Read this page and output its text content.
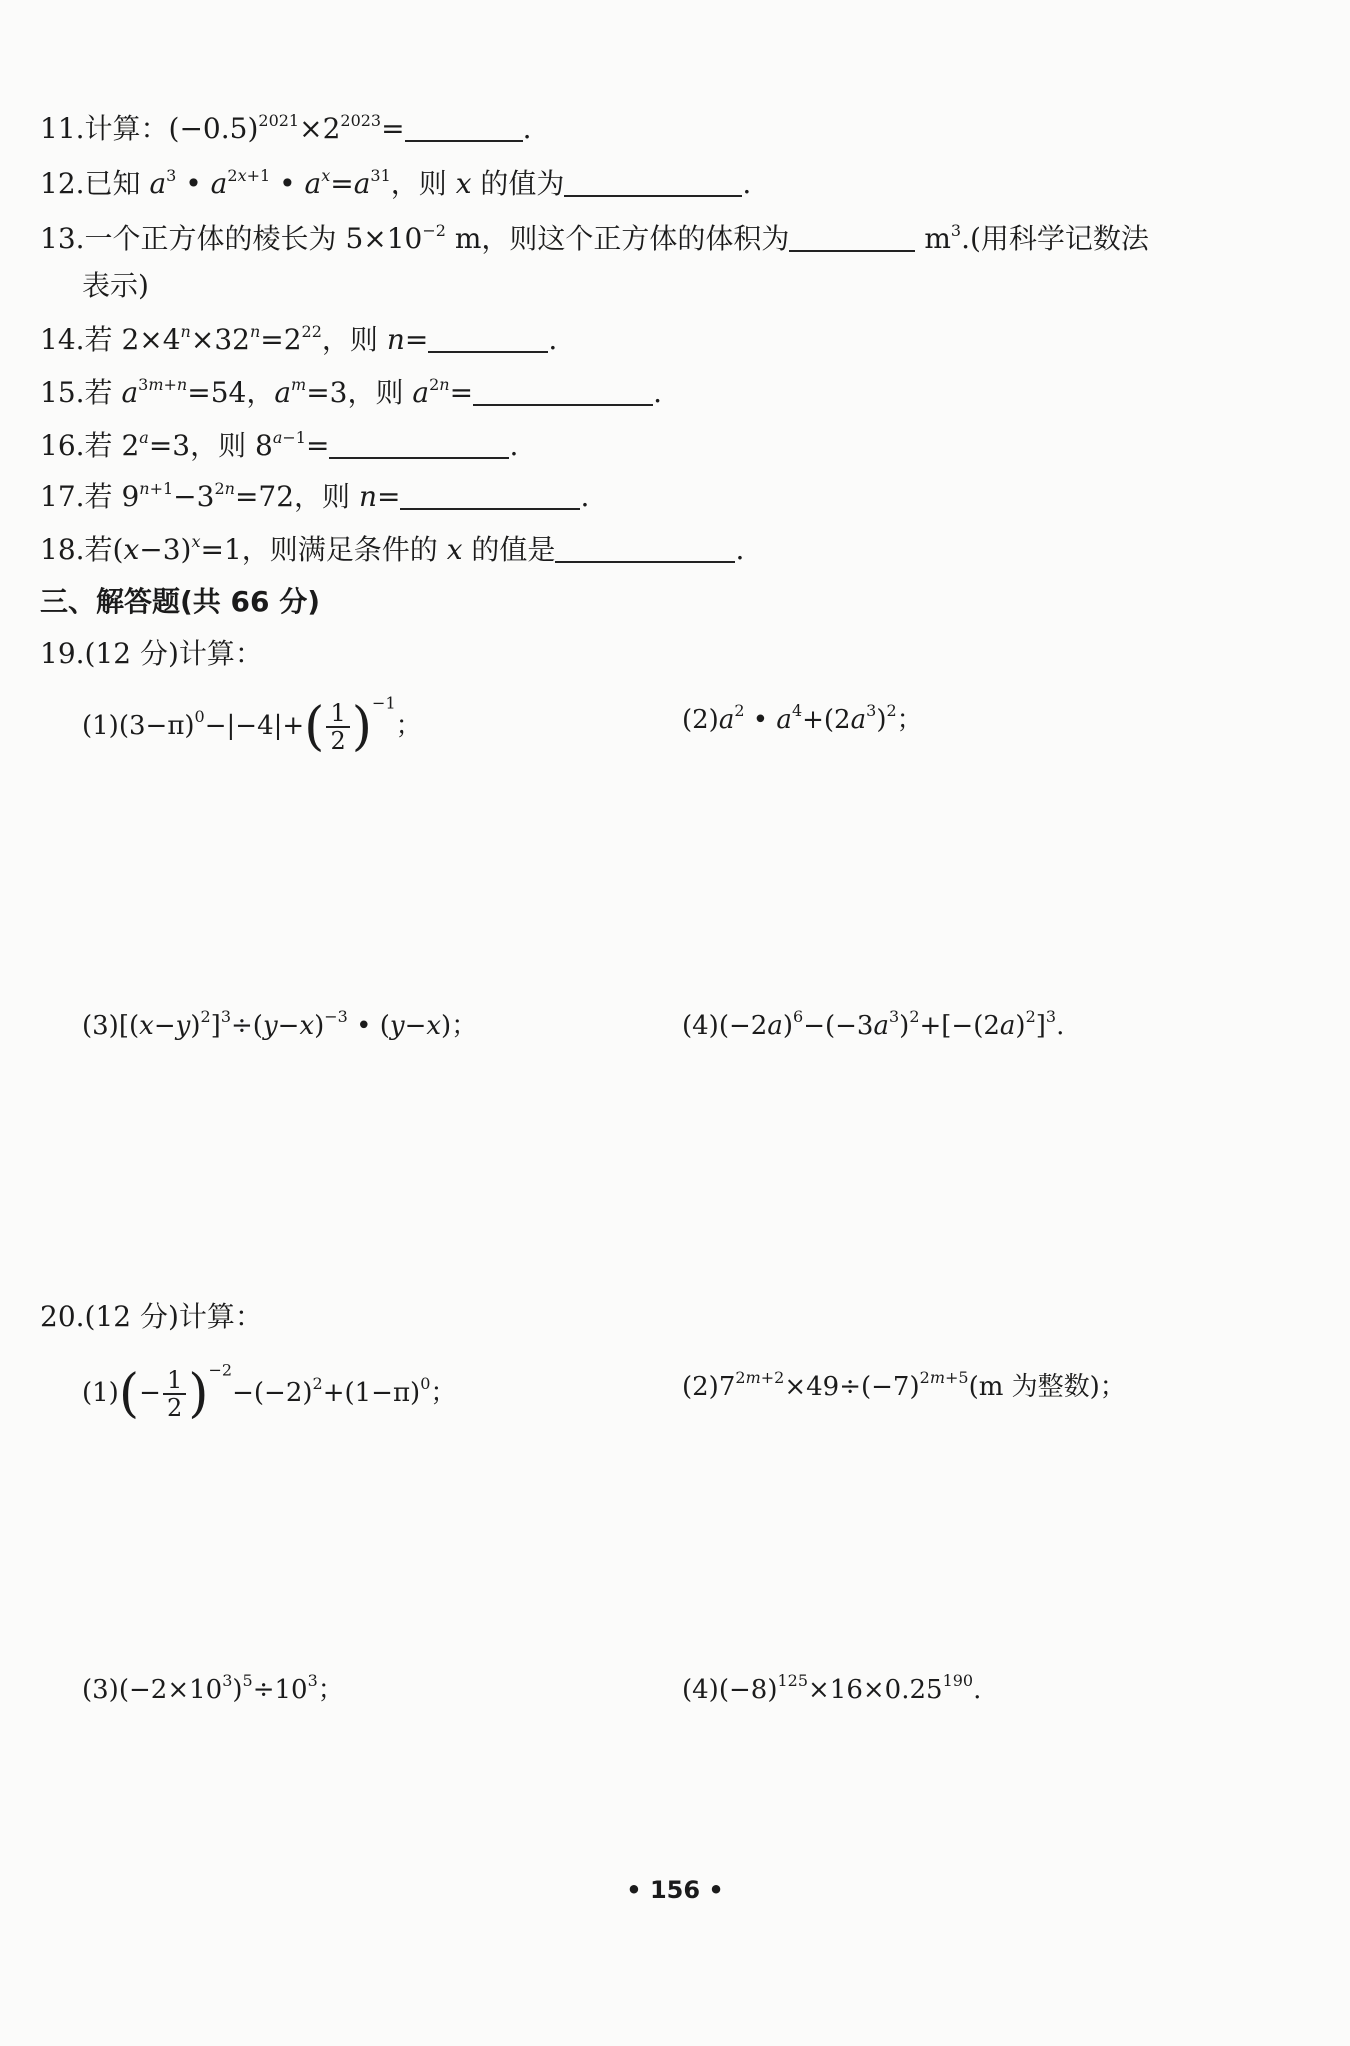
11.计算：$(-0.5)^{2021}\times 2^{2023}=$	.
12.已知 $a^3$ • $a^{2x+1}$ • $a^x=a^{31}$，则 x 的值为	.
13.一个正方体的棱长为 $5\times 10^{-2}$ m，则这个正方体的体积为	$m^3$.(用科学记数法
表示)
14.若 $2\times 4^n\times 32^n=2^{22}$，则 n=	.
15.若 $a^{3m+n}=54$，$a^m=3$，则 $a^{2n}=$	.
16.若 $2^a=3$，则 $8^{a-1}=$	.
17.若 $9^{n+1}-3^{2n}=72$，则 n=	.
18.若$(x-3)^x=1$，则满足条件的 x 的值是	.
三、解答题(共 66 分)
19.(12 分)计算：
$(1)(3-\pi)^0-|-4|+( \frac{1}{2} )^{-1}$；	$(2)a^2$ • $a^4+(2a^3)^2$；
$(3)[(x-y)^2]^3\div(y-x)^{-3}$ • (y−x)；	$(4)(-2a)^6-(-3a^3)^2+[-(2a)^2]^3$.
20.(12 分)计算：
$(1)(- \frac{1}{2} )^{-2}-(-2)^2+(1-\pi)^0$；	$(2)7^{2m+2}\times 49\div(-7)^{2m+5}(m$ 为整数)；
$(3)(-2\times 10^3)^5\div 10^3$；	$(4)(-8)^{125}\times 16\times 0.25^{190}$.
• 156 •
